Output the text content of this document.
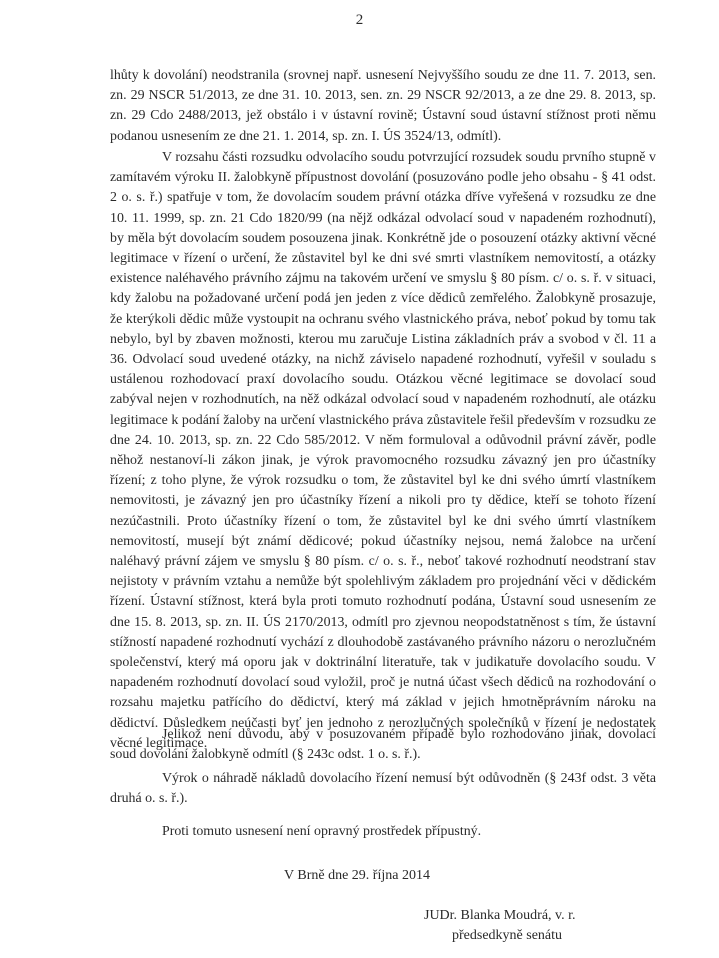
2

lhůty k dovolání) neodstranila (srovnej např. usnesení Nejvyššího soudu ze dne 11. 7. 2013, sen. zn. 29 NSCR 51/2013, ze dne 31. 10. 2013, sen. zn. 29 NSCR 92/2013, a ze dne 29. 8. 2013, sp. zn. 29 Cdo 2488/2013, jež obstálo i v ústavní rovině; Ústavní soud ústavní stížnost proti němu podanou usnesením ze dne 21. 1. 2014, sp. zn. I. ÚS 3524/13, odmítl).

V rozsahu části rozsudku odvolacího soudu potvrzující rozsudek soudu prvního stupně v zamítavém výroku II. žalobkyně přípustnost dovolání (posuzováno podle jeho obsahu - § 41 odst. 2 o. s. ř.) spatřuje v tom, že dovolacím soudem právní otázka dříve vyřešená v rozsudku ze dne 10. 11. 1999, sp. zn. 21 Cdo 1820/99 (na nějž odkázal odvolací soud v napadeném rozhodnutí), by měla být dovolacím soudem posouzena jinak. Konkrétně jde o posouzení otázky aktivní věcné legitimace v řízení o určení, že zůstavitel byl ke dni své smrti vlastníkem nemovitostí, a otázky existence naléhavého právního zájmu na takovém určení ve smyslu § 80 písm. c/ o. s. ř. v situaci, kdy žalobu na požadované určení podá jen jeden z více dědiců zemřelého. Žalobkyně prosazuje, že kterýkoli dědic může vystoupit na ochranu svého vlastnického práva, neboť pokud by tomu tak nebylo, byl by zbaven možnosti, kterou mu zaručuje Listina základních práv a svobod v čl. 11 a 36. Odvolací soud uvedené otázky, na nichž záviselo napadené rozhodnutí, vyřešil v souladu s ustálenou rozhodovací praxí dovolacího soudu. Otázkou věcné legitimace se dovolací soud zabýval nejen v rozhodnutích, na něž odkázal odvolací soud v napadeném rozhodnutí, ale otázku legitimace k podání žaloby na určení vlastnického práva zůstavitele řešil především v rozsudku ze dne 24. 10. 2013, sp. zn. 22 Cdo 585/2012. V něm formuloval a odůvodnil právní závěr, podle něhož nestanoví-li zákon jinak, je výrok pravomocného rozsudku závazný jen pro účastníky řízení; z toho plyne, že výrok rozsudku o tom, že zůstavitel byl ke dni svého úmrtí vlastníkem nemovitosti, je závazný jen pro účastníky řízení a nikoli pro ty dědice, kteří se tohoto řízení nezúčastnili. Proto účastníky řízení o tom, že zůstavitel byl ke dni svého úmrtí vlastníkem nemovitostí, musejí být známí dědicové; pokud účastníky nejsou, nemá žalobce na určení naléhavý právní zájem ve smyslu § 80 písm. c/ o. s. ř., neboť takové rozhodnutí neodstraní stav nejistoty v právním vztahu a nemůže být spolehlivým základem pro projednání věci v dědickém řízení. Ústavní stížnost, která byla proti tomuto rozhodnutí podána, Ústavní soud usnesením ze dne 15. 8. 2013, sp. zn. II. ÚS 2170/2013, odmítl pro zjevnou neopodstatněnost s tím, že ústavní stížností napadené rozhodnutí vychází z dlouhodobě zastávaného právního názoru o nerozlučném společenství, který má oporu jak v doktrinální literatuře, tak v judikatuře dovolacího soudu. V napadeném rozhodnutí dovolací soud vyložil, proč je nutná účast všech dědiců na rozhodování o rozsahu majetku patřícího do dědictví, který má základ v jejich hmotněprávním nároku na dědictví. Důsledkem neúčasti byť jen jednoho z nerozlučných společníků v řízení je nedostatek věcné legitimace.

Jelikož není důvodu, aby v posuzovaném případě bylo rozhodováno jinak, dovolací soud dovolání žalobkyně odmítl (§ 243c odst. 1 o. s. ř.).

Výrok o náhradě nákladů dovolacího řízení nemusí být odůvodněn (§ 243f odst. 3 věta druhá o. s. ř.).

Proti tomuto usnesení není opravný prostředek přípustný.

V Brně dne 29. října 2014
JUDr. Blanka Moudrá, v. r.
předsedkyně senátu
